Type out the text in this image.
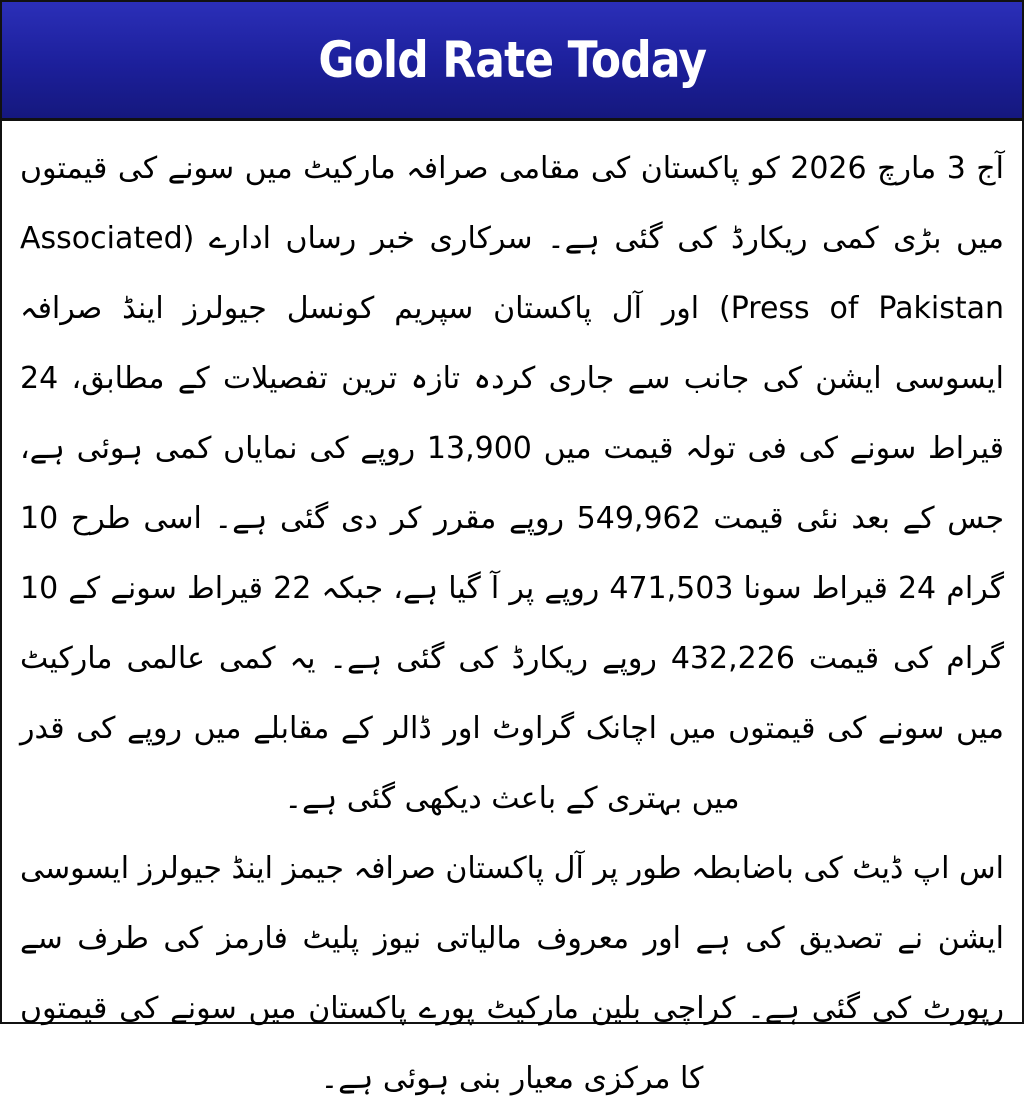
Gold Rate Today

آج 3 مارچ 2026 کو پاکستان کی مقامی صرافہ مارکیٹ میں سونے کی قیمتوں میں بڑی کمی ریکارڈ کی گئی ہے۔ سرکاری خبر رساں ادارے (Associated Press of Pakistan) اور آل پاکستان سپریم کونسل جیولرز اینڈ صرافہ ایسوسی ایشن کی جانب سے جاری کردہ تازہ ترین تفصیلات کے مطابق، 24 قیراط سونے کی فی تولہ قیمت میں 13,900 روپے کی نمایاں کمی ہوئی ہے، جس کے بعد نئی قیمت 549,962 روپے مقرر کر دی گئی ہے۔ اسی طرح 10 گرام 24 قیراط سونا 471,503 روپے پر آ گیا ہے، جبکہ 22 قیراط سونے کے 10 گرام کی قیمت 432,226 روپے ریکارڈ کی گئی ہے۔ یہ کمی عالمی مارکیٹ میں سونے کی قیمتوں میں اچانک گراوٹ اور ڈالر کے مقابلے میں روپے کی قدر میں بہتری کے باعث دیکھی گئی ہے۔

اس اپ ڈیٹ کی باضابطہ طور پر آل پاکستان صرافہ جیمز اینڈ جیولرز ایسوسی ایشن نے تصدیق کی ہے اور معروف مالیاتی نیوز پلیٹ فارمز کی طرف سے رپورٹ کی گئی ہے۔ کراچی بلین مارکیٹ پورے پاکستان میں سونے کی قیمتوں کا مرکزی معیار بنی ہوئی ہے۔
